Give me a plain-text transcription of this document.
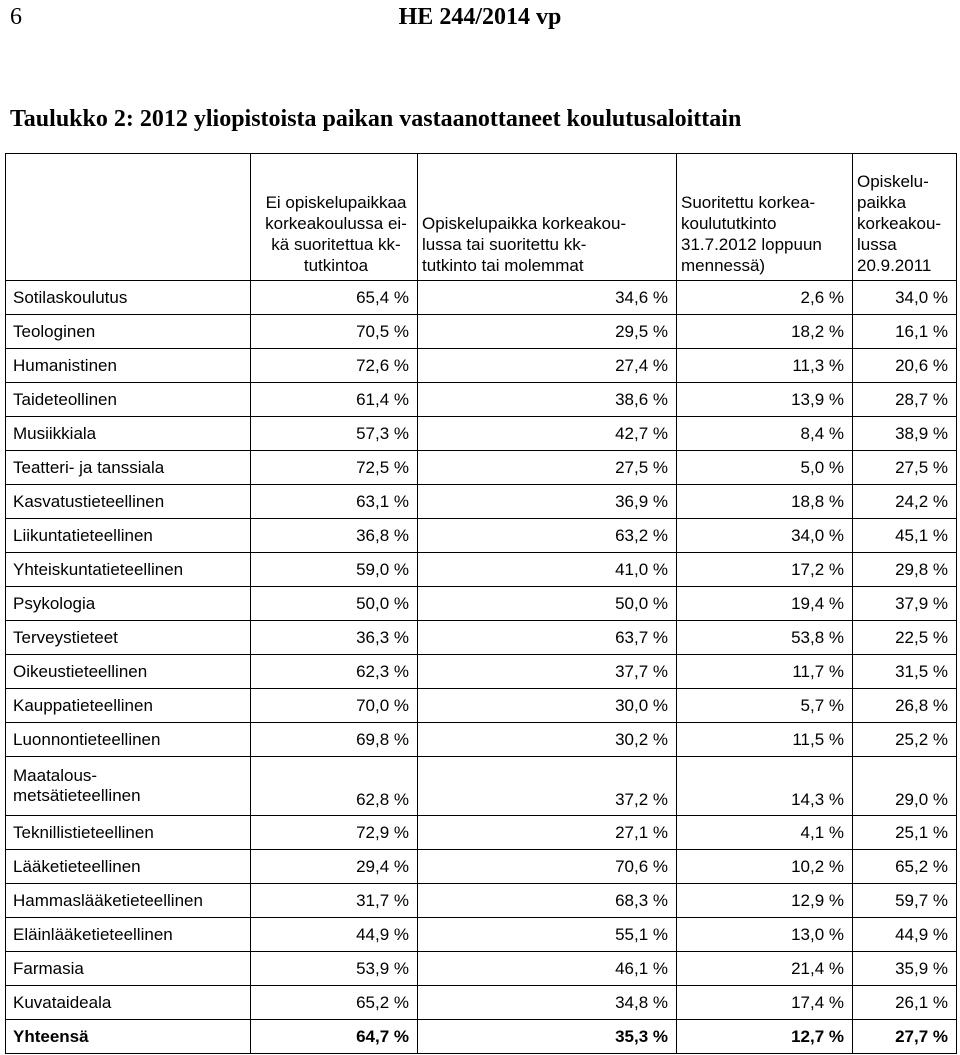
6	HE 244/2014 vp
Taulukko 2: 2012 yliopistoista paikan vastaanottaneet koulutusaloittain

	Ei opiskelupaikkaa
korkeakoulussa ei-
kä suoritettua kk-
tutkintoa	Opiskelupaikka korkeakou-
lussa tai suoritettu kk-
tutkinto tai molemmat	Suoritettu korkea-
koulututkinto
31.7.2012 loppuun
mennessä)	Opiskelu-
paikka
korkeakou-
lussa
20.9.2011

Sotilaskoulutus	65,4 %	34,6 %	2,6 %	34,0 %
Teologinen	70,5 %	29,5 %	18,2 %	16,1 %
Humanistinen	72,6 %	27,4 %	11,3 %	20,6 %
Taideteollinen	61,4 %	38,6 %	13,9 %	28,7 %
Musiikkiala	57,3 %	42,7 %	8,4 %	38,9 %
Teatteri- ja tanssiala	72,5 %	27,5 %	5,0 %	27,5 %
Kasvatustieteellinen	63,1 %	36,9 %	18,8 %	24,2 %
Liikuntatieteellinen	36,8 %	63,2 %	34,0 %	45,1 %
Yhteiskuntatieteellinen	59,0 %	41,0 %	17,2 %	29,8 %
Psykologia	50,0 %	50,0 %	19,4 %	37,9 %
Terveystieteet	36,3 %	63,7 %	53,8 %	22,5 %
Oikeustieteellinen	62,3 %	37,7 %	11,7 %	31,5 %
Kauppatieteellinen	70,0 %	30,0 %	5,7 %	26,8 %
Luonnontieteellinen	69,8 %	30,2 %	11,5 %	25,2 %
Maatalous-
metsätieteellinen	62,8 %	37,2 %	14,3 %	29,0 %
Teknillistieteellinen	72,9 %	27,1 %	4,1 %	25,1 %
Lääketieteellinen	29,4 %	70,6 %	10,2 %	65,2 %
Hammaslääketieteellinen	31,7 %	68,3 %	12,9 %	59,7 %
Eläinlääketieteellinen	44,9 %	55,1 %	13,0 %	44,9 %
Farmasia	53,9 %	46,1 %	21,4 %	35,9 %
Kuvataideala	65,2 %	34,8 %	17,4 %	26,1 %
Yhteensä	64,7 %	35,3 %	12,7 %	27,7 %
